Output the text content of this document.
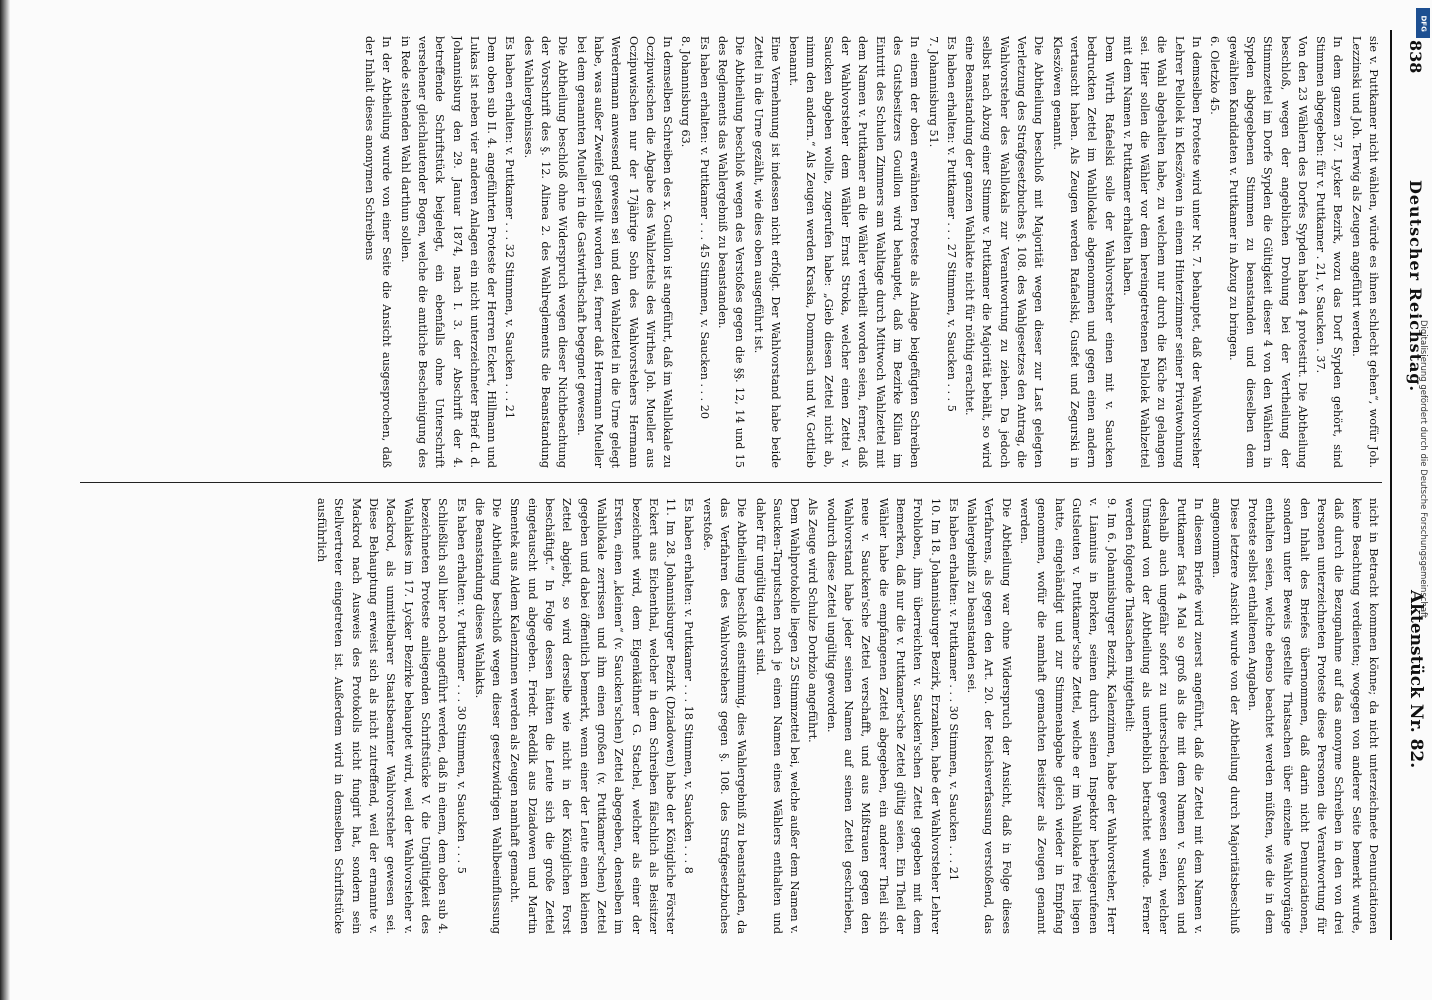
838
Deutscher Reichstag.
Aktenstück Nr. 82.

sie v. Puttkamer nicht wählen, würde es ihnen schlecht gehen“, wofür Joh. Lezzinski und Joh. Terwig als Zeugen angeführt werden.

In dem ganzen 37. Lycker Bezirk, wozu das Dorf Sypden gehört, sind Stimmen abgegeben: für v. Puttkamer . 21, v. Saucken . 37.

Von den 23 Wählern des Dorfes Sypden haben 4 protestirt. Die Abtheilung beschloß, wegen der angeblichen Drohung bei der Vertheilung der Stimmzettel im Dorfe Sypden die Gültigkeit dieser 4 von den Wählern in Sypden abgegebenen Stimmen zu beanstanden und dieselben dem gewählten Kandidaten v. Puttkamer in Abzug zu bringen.

6. Oletzko 45.

In demselben Proteste wird unter Nr. 7. behauptet, daß der Wahlvorsteher Lehrer Pellolek in Kleszöwen in einem Hinterzimmer seiner Privatwohnung die Wahl abgehalten habe, zu welchem nur durch die Küche zu gelangen sei. Hier sollen die Wähler vor dem hereingetretenen Pellolek Wahlzettel mit dem Namen v. Puttkamer erhalten haben.

Dem Wirth Rafaelski solle der Wahlvorsteher einen mit v. Saucken bedruckten Zettel im Wahllokale abgenommen und gegen einen andern vertauscht haben. Als Zeugen werden Rafaelski, Gusfet und Zegurski in Kleszöwen genannt.

Die Abtheilung beschloß mit Majorität wegen dieser zur Last gelegten Verletzung des Strafgesetzbuches §. 108. des Wahlgesetzes den Antrag, die Wahlvorsteher des Wahllokals zur Verantwortung zu ziehen. Da jedoch selbst nach Abzug einer Stimme v. Puttkamer die Majorität behält, so wird eine Beanstandung der ganzen Wahlakte nicht für nöthig erachtet.

Es haben erhalten: v. Puttkamer . . . 27 Stimmen, v. Saucken . . . 5

7. Johannisburg 51.

In einem der oben erwähnten Proteste als Anlage beigefügten Schreiben des Gutsbesitzers Gouillon wird behauptet, daß im Bezirke Kilian im Eintritt des Schulen Zimmers am Wahltage durch Mittwoch Wahlzettel mit dem Namen v. Puttkamer an die Wähler vertheilt worden seien, ferner, daß der Wahlvorsteher dem Wähler Ernst Stroka, welcher einen Zettel v. Saucken abgeben wollte, zugerufen habe: „Gieb diesen Zettel nicht ab, nimm den andern.“ Als Zeugen werden Kraska, Dommasch und W. Gottlieb benannt.

Eine Vernehmung ist indessen nicht erfolgt. Der Wahlvorstand habe beide Zettel in die Urne gezählt, wie dies oben ausgeführt ist.

Die Abtheilung beschloß wegen des Verstoßes gegen die §§. 12, 14 und 15 des Reglements das Wahlergebniß zu beanstanden.

Es haben erhalten: v. Puttkamer . . . 45 Stimmen, v. Saucken . . . 20

8. Johannisburg 63.

In demselben Schreiben des x. Gouillon ist angeführt, daß im Wahllokale zu Oczipuwischen die Abgabe des Wahlzettels des Wirthes Joh. Mueller aus Oczipuwischen nur der 17jährige Sohn des Wahlvorstehers Hermann Werdermann anwesend gewesen sei und den Wahlzettel in die Urne gelegt habe, was außer Zweifel gestellt worden sei, ferner daß Herrmann Mueller bei dem genannten Mueller in die Gastwirthschaft begegnet gewesen.

Die Abtheilung beschloß ohne Widerspruch wegen dieser Nichtbeachtung der Vorschrift des §. 12. Alinea 2. des Wahlreglements die Beanstandung des Wahlergebnisses.

Es haben erhalten: v. Puttkamer . . . 32 Stimmen, v. Saucken . . . 21

Dem oben sub II. 4. angeführten Proteste der Herren Eckert, Hillmann und Lukas ist neben vier anderen Anlagen ein nicht unterzeichneter Brief d. d. Johannisburg den 29. Januar 1874, nach I. 3. der Abschrift der 4. betreffende Schriftstück beigelegt, ein ebenfalls ohne Unterschrift versehener gleichlautender Bogen, welche die amtliche Bescheinigung des in Rede stehenden Wahl darthun sollen.

In der Abtheilung wurde von einer Seite die Ansicht ausgesprochen, daß der Inhalt dieses anonymen Schreibens

nicht in Betracht kommen könne; da nicht unterzeichnete Denunciationen keine Beachtung verdienten; wogegen von anderer Seite bemerkt wurde, daß durch die Bezugnahme auf das anonyme Schreiben in den von drei Personen unterzeichneten Proteste diese Personen die Verantwortung für den Inhalt des Briefes übernommen, daß darin nicht Denunciationen, sondern unter Beweis gestellte Thatsachen über einzelne Wahlvorgänge enthalten seien, welche ebenso beachtet werden müßten, wie die in dem Proteste selbst enthaltenen Angaben.

Diese letztere Ansicht wurde von der Abtheilung durch Majoritätsbeschluß angenommen.

In diesem Briefe wird zuerst angeführt, daß die Zettel mit dem Namen v. Puttkamer fast 4 Mal so groß als die mit dem Namen v. Saucken und deshalb auch ungefähr sofort zu unterscheiden gewesen seien, welcher Umstand von der Abtheilung als unerheblich betrachtet wurde. Ferner werden folgende Thatsachen mitgetheilt:

9. Im 6. Johannisburger Bezirk, Kalenzinnen, habe der Wahlvorsteher, Herr v. Liannius in Borken, seinen durch seinen Inspektor herbeigerufenen Gutsleuten v. Puttkamer'sche Zettel, welche er im Wahllokale frei liegen hatte, eingehändigt und zur Stimmenabgabe gleich wieder in Empfang genommen, wofür die namhaft gemachten Beisitzer als Zeugen genannt werden.

Die Abtheilung war ohne Widerspruch der Ansicht, daß in Folge dieses Verfahrens, als gegen den Art. 20. der Reichsverfassung verstoßend, das Wahlergebniß zu beanstanden sei.

Es haben erhalten: v. Puttkamer . . . 30 Stimmen, v. Saucken . . . 21

10. Im 18. Johannisburger Bezirk, Erzanken, habe der Wahlvorsteher Lehrer Frohloben, ihm überreichten v. Saucken'schen Zettel gegeben mit dem Bemerken, daß nur die v. Puttkamer'sche Zettel gültig seien. Ein Theil der Wähler habe die empfangenen Zettel abgegeben, ein anderer Theil sich neue v. Saucken'sche Zettel verschafft, und aus Mißtrauen gegen den Wahlvorstand habe jeder seinen Namen auf seinen Zettel geschrieben, wodurch diese Zettel ungültig geworden.

Als Zeuge wird Schulze Dorbzio angeführt.

Dem Wahlprotokolle liegen 25 Stimmzettel bei, welche außer dem Namen v. Saucken-Tarputschen noch je einen Namen eines Wählers enthalten und daher für ungültig erklärt sind.

Die Abtheilung beschloß einstimmig, dies Wahlergebniß zu beanstanden, da das Verfahren des Wahlvorstehers gegen §. 108. des Strafgesetzbuches verstoße.

Es haben erhalten: v. Puttkamer . . . 18 Stimmen, v. Saucken . . . 8

11. Im 28. Johannisburger Bezirk (Dziadowen) habe der Königliche Förster Eckert aus Eichenthal, welcher in dem Schreiben fälschlich als Beisitzer bezeichnet wird, dem Eigenkäthner G. Stachel, welcher als einer der Ersten, einen „kleinen“ (v. Saucken'schen) Zettel abgegeben, denselben im Wahllokale zerrissen und ihm einen großen (v. Puttkamer'schen) Zettel gegeben und dabei öffentlich bemerkt, wenn einer der Leute einen kleinen Zettel abgiebt, so wird derselbe wie nicht in der Königlichen Forst beschäftigt.“ In Folge dessen hätten die Leute sich die große Zettel eingetauscht und abgegeben. Friedr. Reddik aus Dziadowen und Martin Smentek aus Aldem Kalenzinnen werden als Zeugen namhaft gemacht.

Die Abtheilung beschloß wegen dieser gesetzwidrigen Wahlbeeinflussung die Beanstandung dieses Wahlakts.

Es haben erhalten: v. Puttkamer . . . 30 Stimmen, v. Saucken . . . 5

Schließlich soll hier noch angeführt werden, daß in einem, dem oben sub 4. bezeichneten Proteste anliegenden Schriftstücke V. die Ungültigkeit des Wahlaktes im 17. Lycker Bezirke behauptet wird, weil der Wahlvorsteher v. Mackrod, als unmittelbarer Staatsbeamter Wahlvorsteher gewesen sei. Diese Behauptung erweist sich als nicht zutreffend, weil der ernannte v. Mackrod nach Ausweis des Protokolls nicht fungirt hat, sondern sein Stellvertreter eingetreten ist. Außerdem wird in demselben Schriftstücke ausführlich	Digitalisierung gefördert durch die Deutsche Forschungsgemeinschaft
DFG
